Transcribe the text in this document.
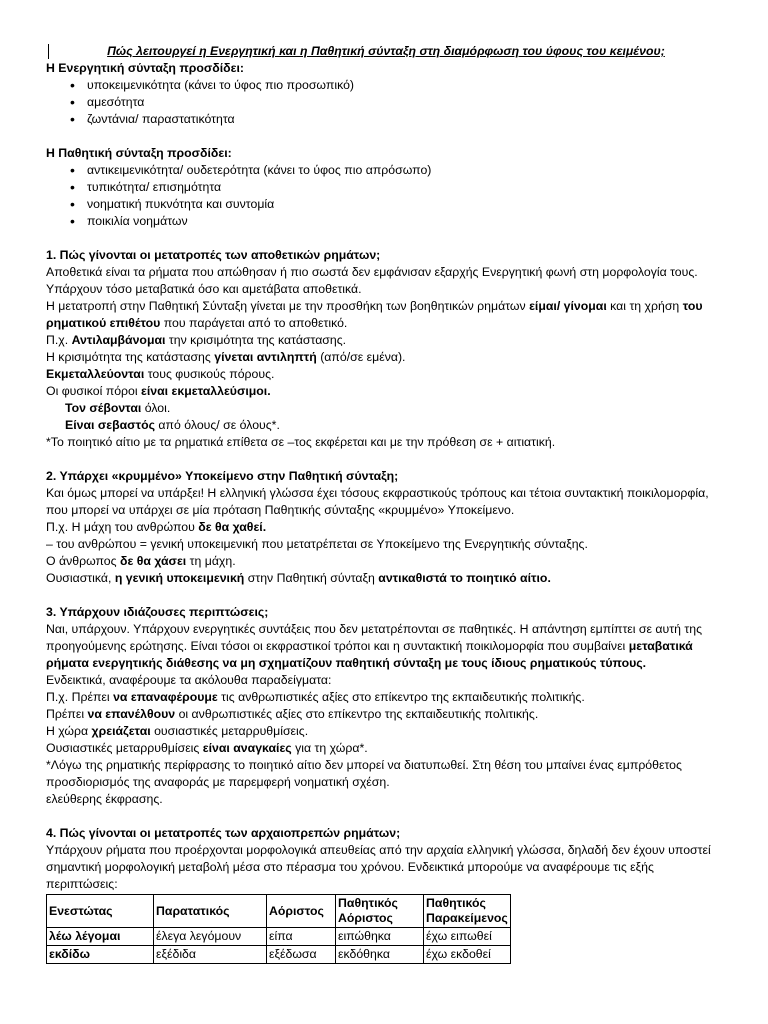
Πώς λειτουργεί η Ενεργητική και η Παθητική σύνταξη στη διαμόρφωση του ύφους του κειμένου;

Η Ενεργητική σύνταξη προσδίδει:

• υποκειμενικότητα (κάνει το ύφος πιο προσωπικό)
• αμεσότητα
• ζωντάνια/ παραστατικότητα

Η Παθητική σύνταξη προσδίδει:

• αντικειμενικότητα/ ουδετερότητα (κάνει το ύφος πιο απρόσωπο)
• τυπικότητα/ επισημότητα
• νοηματική πυκνότητα και συντομία
• ποικιλία νοημάτων

1. Πώς γίνονται οι μετατροπές των αποθετικών ρημάτων;

Αποθετικά είναι τα ρήματα που απώθησαν ή πιο σωστά δεν εμφάνισαν εξαρχής Ενεργητική φωνή στη μορφολογία τους. Υπάρχουν τόσο μεταβατικά όσο και αμετάβατα αποθετικά.

Η μετατροπή στην Παθητική Σύνταξη γίνεται με την προσθήκη των βοηθητικών ρημάτων είμαι/ γίνομαι και τη χρήση του ρηματικού επιθέτου που παράγεται από το αποθετικό.

Π.χ. Αντιλαμβάνομαι την κρισιμότητα της κατάστασης.

Η κρισιμότητα της κατάστασης γίνεται αντιληπτή (από/σε εμένα).

Εκμεταλλεύονται τους φυσικούς πόρους.

Οι φυσικοί πόροι είναι εκμεταλλεύσιμοι.

Τον σέβονται όλοι.

Είναι σεβαστός από όλους/ σε όλους*.

*Το ποιητικό αίτιο με τα ρηματικά επίθετα σε –τος εκφέρεται και με την πρόθεση σε + αιτιατική.

2. Υπάρχει «κρυμμένο» Υποκείμενο στην Παθητική σύνταξη;

Και όμως μπορεί να υπάρξει! Η ελληνική γλώσσα έχει τόσους εκφραστικούς τρόπους και τέτοια συντακτική ποικιλομορφία, που μπορεί να υπάρχει σε μία πρόταση Παθητικής σύνταξης «κρυμμένο» Υποκείμενο.

Π.χ. Η μάχη του ανθρώπου δε θα χαθεί.

– του ανθρώπου = γενική υποκειμενική που μετατρέπεται σε Υποκείμενο της Ενεργητικής σύνταξης.

Ο άνθρωπος δε θα χάσει τη μάχη.

Ουσιαστικά, η γενική υποκειμενική στην Παθητική σύνταξη αντικαθιστά το ποιητικό αίτιο.

3. Υπάρχουν ιδιάζουσες περιπτώσεις;

Ναι, υπάρχουν. Υπάρχουν ενεργητικές συντάξεις που δεν μετατρέπονται σε παθητικές. Η απάντηση εμπίπτει σε αυτή της προηγούμενης ερώτησης. Είναι τόσοι οι εκφραστικοί τρόποι και η συντακτική ποικιλομορφία που συμβαίνει μεταβατικά ρήματα ενεργητικής διάθεσης να μη σχηματίζουν παθητική σύνταξη με τους ίδιους ρηματικούς τύπους.

Ενδεικτικά, αναφέρουμε τα ακόλουθα παραδείγματα:

Π.χ. Πρέπει να επαναφέρουμε τις ανθρωπιστικές αξίες στο επίκεντρο της εκπαιδευτικής πολιτικής.

Πρέπει να επανέλθουν οι ανθρωπιστικές αξίες στο επίκεντρο της εκπαιδευτικής πολιτικής.

Η χώρα χρειάζεται ουσιαστικές μεταρρυθμίσεις.

Ουσιαστικές μεταρρυθμίσεις είναι αναγκαίες για τη χώρα*.

*Λόγω της ρηματικής περίφρασης το ποιητικό αίτιο δεν μπορεί να διατυπωθεί. Στη θέση του μπαίνει ένας εμπρόθετος προσδιορισμός της αναφοράς με παρεμφερή νοηματική σχέση.

ελεύθερης έκφρασης.

4. Πώς γίνονται οι μετατροπές των αρχαιοπρεπών ρημάτων;

Υπάρχουν ρήματα που προέρχονται μορφολογικά απευθείας από την αρχαία ελληνική γλώσσα, δηλαδή δεν έχουν υποστεί σημαντική μορφολογική μεταβολή μέσα στο πέρασμα του χρόνου. Ενδεικτικά μπορούμε να αναφέρουμε τις εξής περιπτώσεις:

Ενεστώτας	Παρατατικός	Αόριστος	Παθητικός Αόριστος	Παθητικός Παρακείμενος
λέω λέγομαι	έλεγα λεγόμουν	είπα	ειπώθηκα	έχω ειπωθεί
εκδίδω	εξέδιδα	εξέδωσα	εκδόθηκα	έχω εκδοθεί
